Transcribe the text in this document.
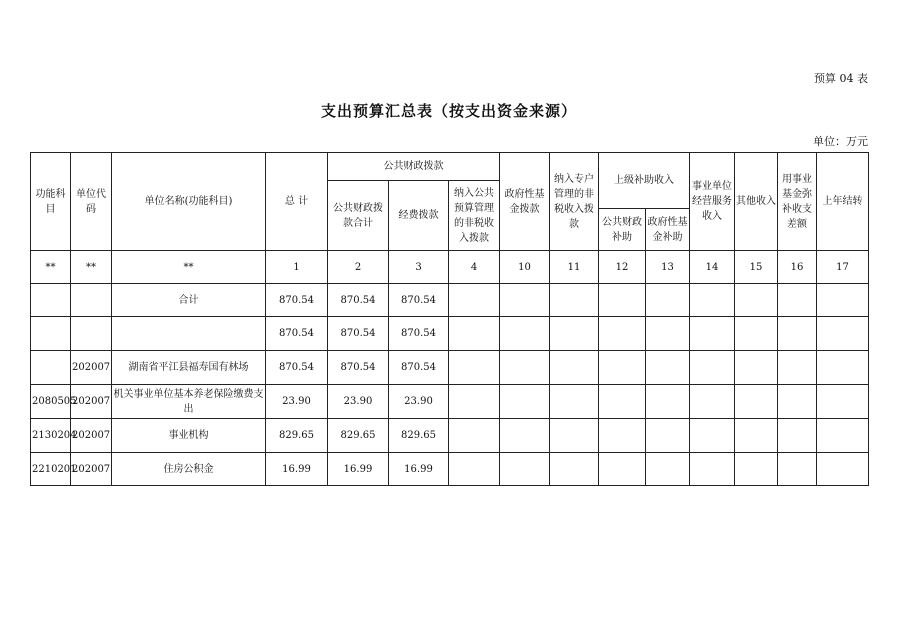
预算 04 表
支出预算汇总表（按支出资金来源）
单位：万元
功能科目	单位代码	单位名称(功能科目)	总 计	公共财政拨款			政府性基金拨款	纳入专户管理的非税收入拨款	上级补助收入		事业单位经营服务收入	其他收入	用事业基金弥补收支差额	上年结转
				公共财政拨款合计	经费拨款	纳入公共预算管理的非税收入拨款								
									公共财政补助	政府性基金补助				
**	**	**	1	2	3	4	10	11	12	13	14	15	16	17
		合计	870.54	870.54	870.54									
			870.54	870.54	870.54									
	202007	湖南省平江县福寿国有林场	870.54	870.54	870.54									
2080505	202007	机关事业单位基本养老保险缴费支出	23.90	23.90	23.90									
2130204	202007	事业机构	829.65	829.65	829.65									
2210201	202007	住房公积金	16.99	16.99	16.99									
